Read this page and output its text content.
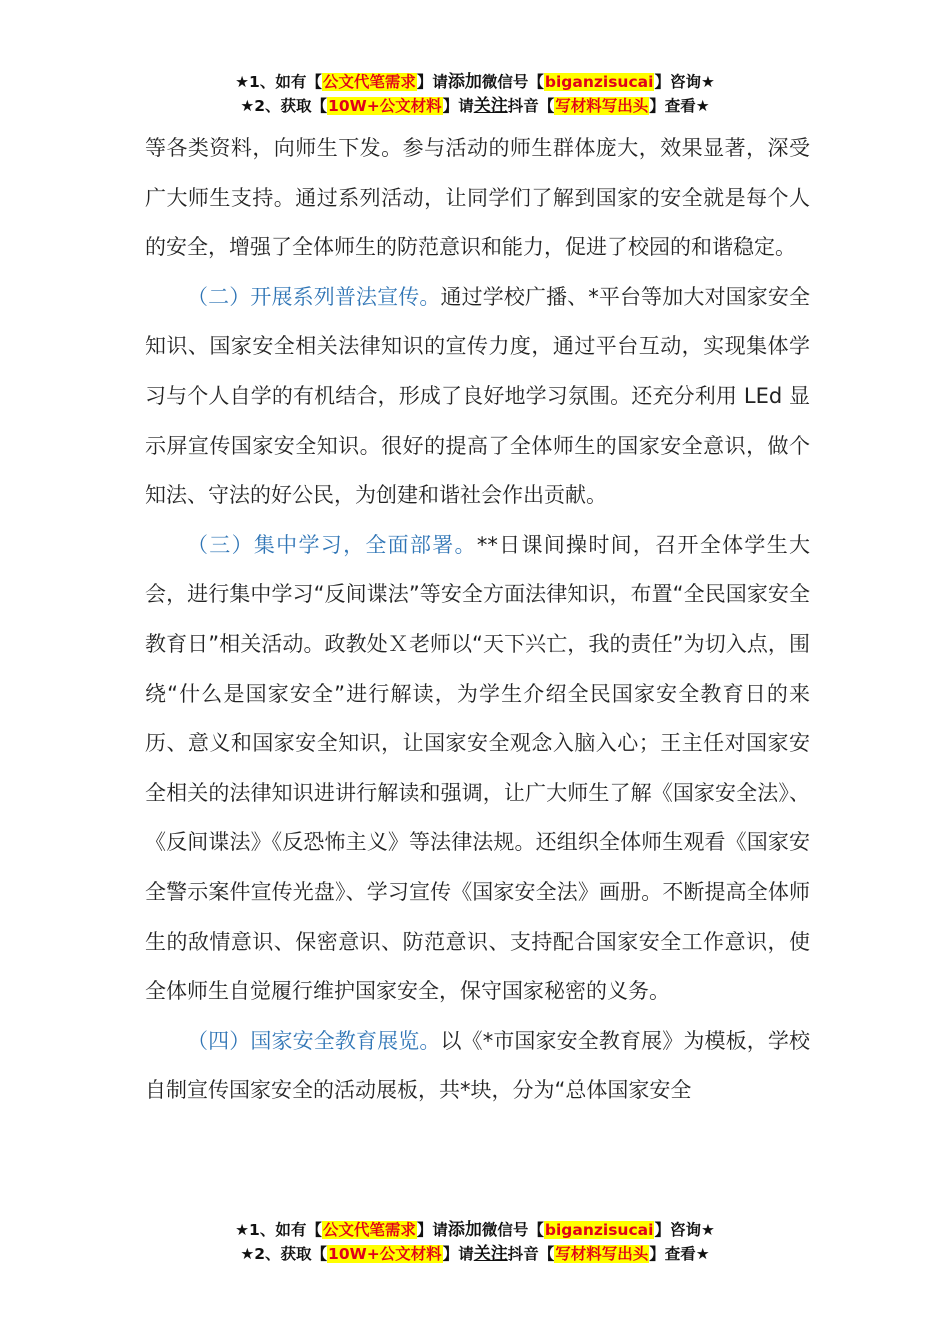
★1、如有【公文代笔需求】请添加微信号【biganzisucai】咨询★
★2、获取【10W+公文材料】请关注抖音【写材料写出头】查看★

等各类资料，向师生下发。参与活动的师生群体庞大，效果显著，深受广大师生支持。通过系列活动，让同学们了解到国家的安全就是每个人的安全，增强了全体师生的防范意识和能力，促进了校园的和谐稳定。

（二）开展系列普法宣传。通过学校广播、*平台等加大对国家安全知识、国家安全相关法律知识的宣传力度，通过平台互动，实现集体学习与个人自学的有机结合，形成了良好地学习氛围。还充分利用 LEd 显示屏宣传国家安全知识。很好的提高了全体师生的国家安全意识，做个知法、守法的好公民，为创建和谐社会作出贡献。

（三）集中学习，全面部署。**日课间操时间，召开全体学生大会，进行集中学习“反间谍法”等安全方面法律知识，布置“全民国家安全教育日”相关活动。政教处Ｘ老师以“天下兴亡，我的责任”为切入点，围绕“什么是国家安全”进行解读，为学生介绍全民国家安全教育日的来历、意义和国家安全知识，让国家安全观念入脑入心；王主任对国家安全相关的法律知识进讲行解读和强调，让广大师生了解《国家安全法》、《反间谍法》《反恐怖主义》等法律法规。还组织全体师生观看《国家安全警示案件宣传光盘》、学习宣传《国家安全法》画册。不断提高全体师生的敌情意识、保密意识、防范意识、支持配合国家安全工作意识，使全体师生自觉履行维护国家安全，保守国家秘密的义务。

（四）国家安全教育展览。以《*市国家安全教育展》为模板，学校自制宣传国家安全的活动展板，共*块，分为“总体国家安全

★1、如有【公文代笔需求】请添加微信号【biganzisucai】咨询★
★2、获取【10W+公文材料】请关注抖音【写材料写出头】查看★
